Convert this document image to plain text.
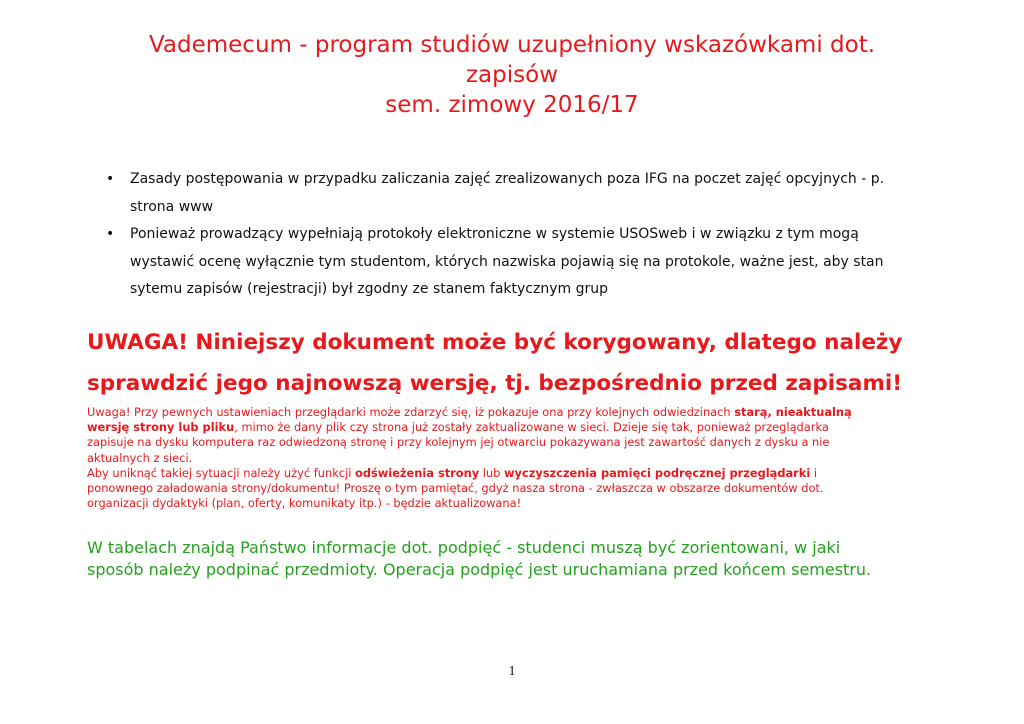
Vademecum - program studiów uzupełniony wskazówkami dot.
zapisów
sem. zimowy 2016/17
• Zasady postępowania w przypadku zaliczania zajęć zrealizowanych poza IFG na poczet zajęć opcyjnych - p.
strona www
• Ponieważ prowadzący wypełniają protokoły elektroniczne w systemie USOSweb i w związku z tym mogą
wystawić ocenę wyłącznie tym studentom, których nazwiska pojawią się na protokole, ważne jest, aby stan
sytemu zapisów (rejestracji) był zgodny ze stanem faktycznym grup

UWAGA! Niniejszy dokument może być korygowany, dlatego należy
sprawdzić jego najnowszą wersję, tj. bezpośrednio przed zapisami!

Uwaga! Przy pewnych ustawieniach przeglądarki może zdarzyć się, iż pokazuje ona przy kolejnych odwiedzinach starą, nieaktualną
wersję strony lub pliku, mimo że dany plik czy strona już zostały zaktualizowane w sieci. Dzieje się tak, ponieważ przeglądarka
zapisuje na dysku komputera raz odwiedzoną stronę i przy kolejnym jej otwarciu pokazywana jest zawartość danych z dysku a nie
aktualnych z sieci.
Aby uniknąć takiej sytuacji należy użyć funkcji odświeżenia strony lub wyczyszczenia pamięci podręcznej przeglądarki i
ponownego załadowania strony/dokumentu! Proszę o tym pamiętać, gdyż nasza strona - zwłaszcza w obszarze dokumentów dot.
organizacji dydaktyki (plan, oferty, komunikaty itp.) - będzie aktualizowana!

W tabelach znajdą Państwo informacje dot. podpięć - studenci muszą być zorientowani, w jaki
sposób należy podpinać przedmioty. Operacja podpięć jest uruchamiana przed końcem semestru.

1
